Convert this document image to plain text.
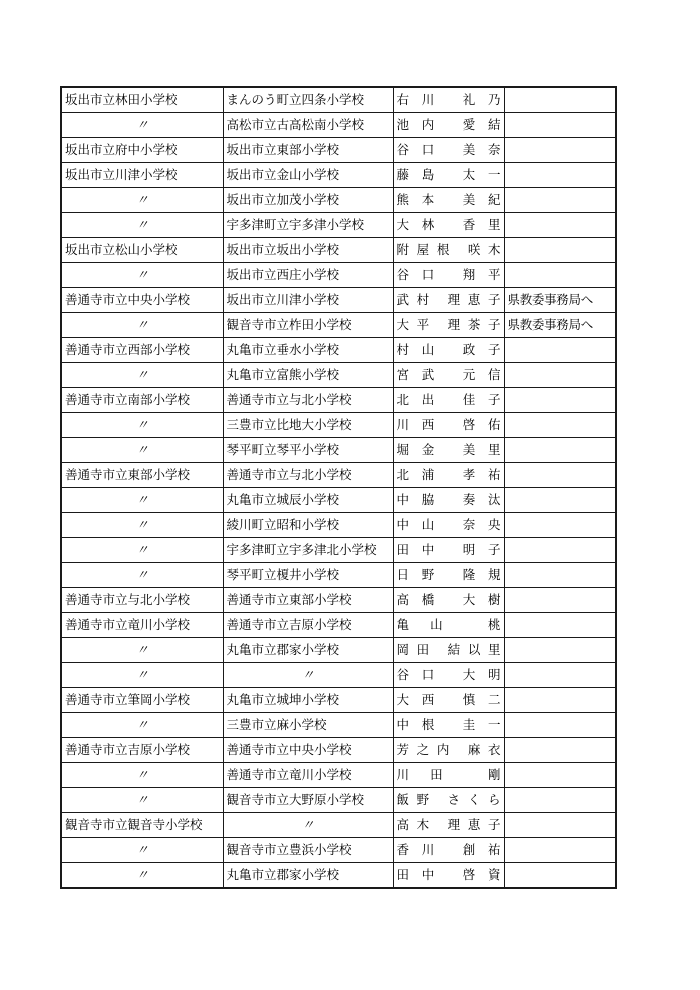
坂出市立林田小学校	まんのう町立四条小学校	右川 礼乃	
〃	高松市立古高松南小学校	池内 愛結	
坂出市立府中小学校	坂出市立東部小学校	谷口 美奈	
坂出市立川津小学校	坂出市立金山小学校	藤島 太一	
〃	坂出市立加茂小学校	熊本 美紀	
〃	宇多津町立宇多津小学校	大林 香里	
坂出市立松山小学校	坂出市立坂出小学校	附屋根 咲木	
〃	坂出市立西庄小学校	谷口 翔平	
善通寺市立中央小学校	坂出市立川津小学校	武村 理恵子	県教委事務局へ
〃	観音寺市立柞田小学校	大平 理茶子	県教委事務局へ
善通寺市立西部小学校	丸亀市立垂水小学校	村山 政子	
〃	丸亀市立富熊小学校	宮武 元信	
善通寺市立南部小学校	善通寺市立与北小学校	北出 佳子	
〃	三豊市立比地大小学校	川西 啓佑	
〃	琴平町立琴平小学校	堀金 美里	
善通寺市立東部小学校	善通寺市立与北小学校	北浦 孝祐	
〃	丸亀市立城辰小学校	中脇 奏汰	
〃	綾川町立昭和小学校	中山 奈央	
〃	宇多津町立宇多津北小学校	田中 明子	
〃	琴平町立榎井小学校	日野 隆規	
善通寺市立与北小学校	善通寺市立東部小学校	高橋 大樹	
善通寺市立竜川小学校	善通寺市立吉原小学校	亀山 桃	
〃	丸亀市立郡家小学校	岡田 結以里	
〃	〃	谷口 大明	
善通寺市立筆岡小学校	丸亀市立城坤小学校	大西 慎二	
〃	三豊市立麻小学校	中根 圭一	
善通寺市立吉原小学校	善通寺市立中央小学校	芳之内 麻衣	
〃	善通寺市立竜川小学校	川田 剛	
〃	観音寺市立大野原小学校	飯野 さくら	
観音寺市立観音寺小学校	〃	高木 理恵子	
〃	観音寺市立豊浜小学校	香川 創祐	
〃	丸亀市立郡家小学校	田中 啓資	
